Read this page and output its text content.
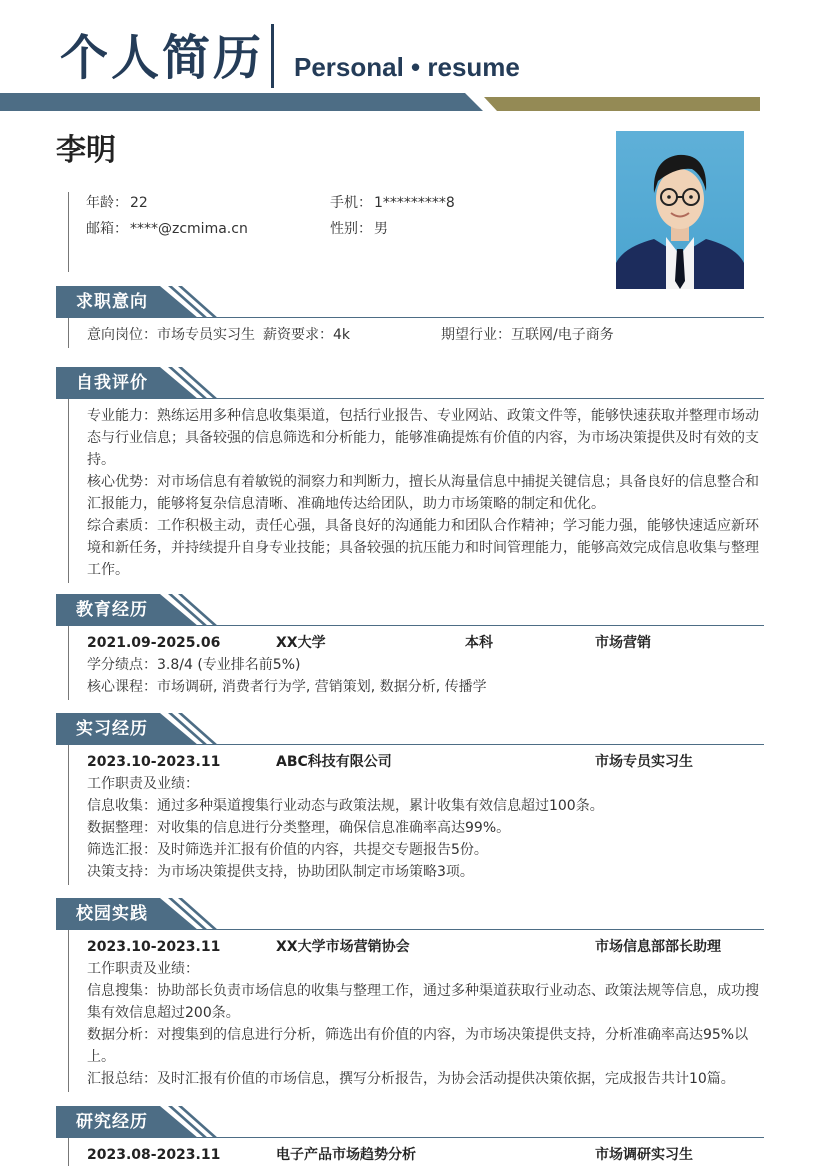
个人简历 Personal • resume
李明
年龄： 22	手机： 1*********8
邮箱： ****@zcmima.cn	性别： 男
求职意向
意向岗位：市场专员实习生 薪资要求：4k	期望行业：互联网/电子商务
自我评价

专业能力：熟练运用多种信息收集渠道，包括行业报告、专业网站、政策文件等，能够快速获取并整理市场动态与行业信息；具备较强的信息筛选和分析能力，能够准确提炼有价值的内容，为市场决策提供及时有效的支持。

核心优势：对市场信息有着敏锐的洞察力和判断力，擅长从海量信息中捕捉关键信息；具备良好的信息整合和汇报能力，能够将复杂信息清晰、准确地传达给团队，助力市场策略的制定和优化。

综合素质：工作积极主动，责任心强，具备良好的沟通能力和团队合作精神；学习能力强，能够快速适应新环境和新任务，并持续提升自身专业技能；具备较强的抗压能力和时间管理能力，能够高效完成信息收集与整理工作。

教育经历
2021.09-2025.06	XX大学	本科	市场营销

学分绩点：3.8/4 (专业排名前5%)

核心课程：市场调研, 消费者行为学, 营销策划, 数据分析, 传播学

实习经历
2023.10-2023.11	ABC科技有限公司	市场专员实习生

工作职责及业绩：

信息收集：通过多种渠道搜集行业动态与政策法规，累计收集有效信息超过100条。

数据整理：对收集的信息进行分类整理，确保信息准确率高达99%。

筛选汇报：及时筛选并汇报有价值的内容，共提交专题报告5份。

决策支持：为市场决策提供支持，协助团队制定市场策略3项。

校园实践
2023.10-2023.11	XX大学市场营销协会	市场信息部部长助理

工作职责及业绩：

信息搜集：协助部长负责市场信息的收集与整理工作，通过多种渠道获取行业动态、政策法规等信息，成功搜集有效信息超过200条。

数据分析：对搜集到的信息进行分析，筛选出有价值的内容，为市场决策提供支持，分析准确率高达95%以上。

汇报总结：及时汇报有价值的市场信息，撰写分析报告，为协会活动提供决策依据，完成报告共计10篇。

研究经历
2023.08-2023.11	电子产品市场趋势分析	市场调研实习生
